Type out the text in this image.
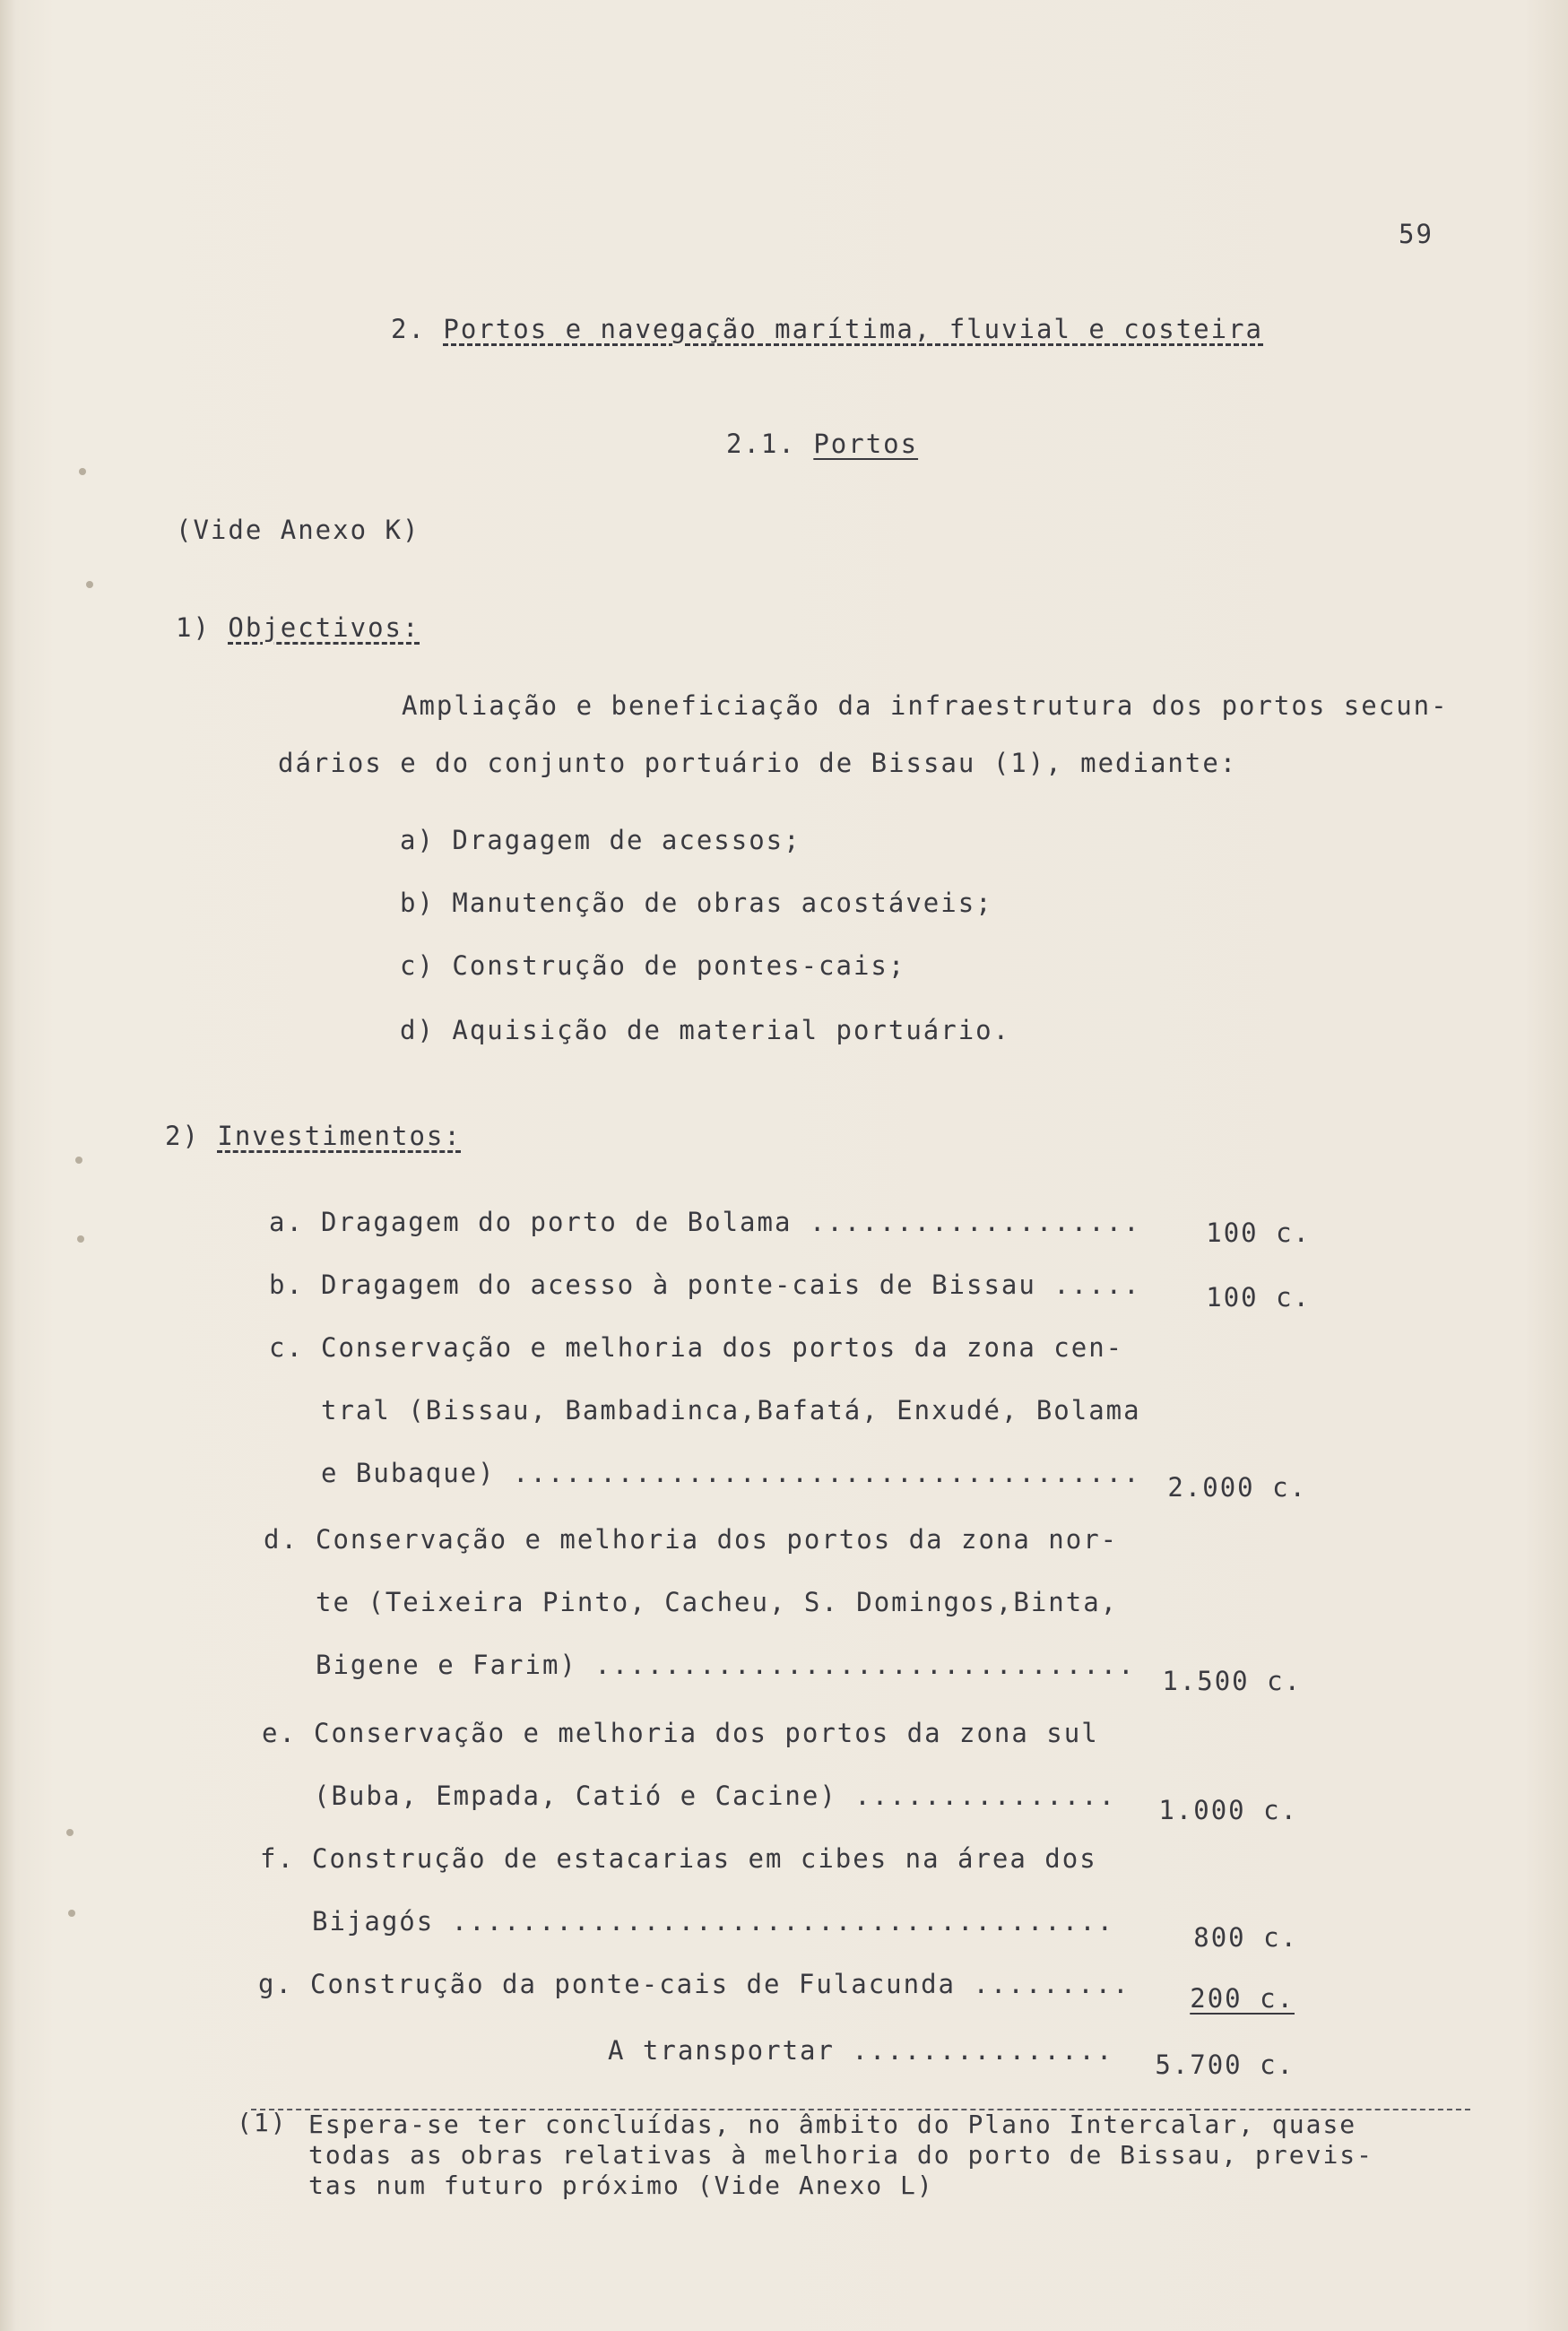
59
2. Portos e navegação marítima, fluvial e costeira
2.1. Portos
(Vide Anexo K)
1) Objectivos:
Ampliação e beneficiação da infraestrutura dos portos secun-
dários e do conjunto portuário de Bissau (1), mediante:
a) Dragagem de acessos;
b) Manutenção de obras acostáveis;
c) Construção de pontes-cais;
d) Aquisição de material portuário.
2) Investimentos:
a. Dragagem do porto de Bolama ...................	100 c.
b. Dragagem do acesso à ponte-cais de Bissau .....	100 c.
c. Conservação e melhoria dos portos da zona cen-
tral (Bissau, Bambadinca,Bafatá, Enxudé, Bolama
e Bubaque) ....................................	2.000 c.
d. Conservação e melhoria dos portos da zona nor-
te (Teixeira Pinto, Cacheu, S. Domingos,Binta,
Bigene e Farim) ...............................
1.500 c.
e. Conservação e melhoria dos portos da zona sul
(Buba, Empada, Catió e Cacine) ...............	1.000 c.
f. Construção de estacarias em cibes na área dos
Bijagós ......................................
800 c.
g. Construção da ponte-cais de Fulacunda .........	200 c.
A transportar ...............	5.700 c.
(1) Espera-se ter concluídas, no âmbito do Plano Intercalar, quase
todas as obras relativas à melhoria do porto de Bissau, previs-
tas num futuro próximo (Vide Anexo L)
